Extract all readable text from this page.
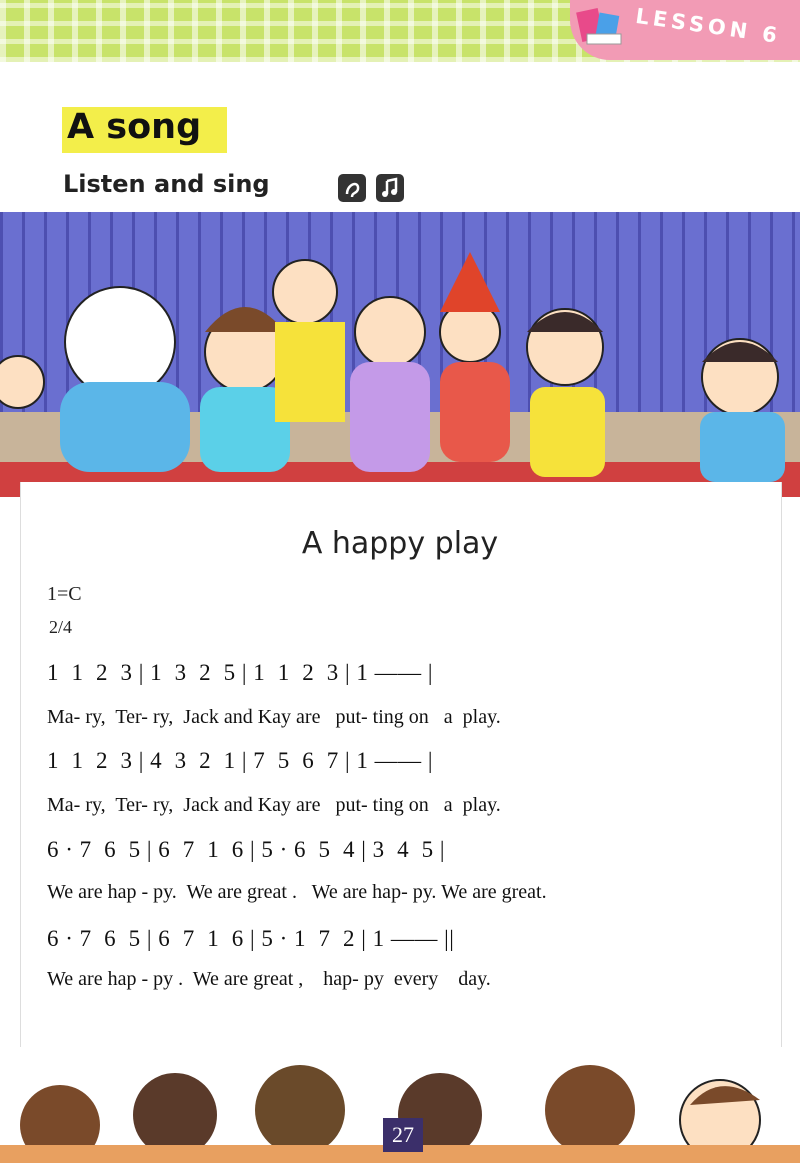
LESSON 6
A song
Listen and sing
A happy play
1=C
2/4
1  1  2  3 | 1  3  2  5 | 1  1  2  3 | 1 —— |
Ma- ry,  Ter- ry,  Jack and Kay are   put- ting on   a  play.
1  1  2  3 | 4  3  2  1 | 7  5  6  7 | 1 —— |
Ma- ry,  Ter- ry,  Jack and Kay are   put- ting on   a  play.
6 · 7  6  5 | 6  7  1  6 | 5 · 6  5  4 | 3  4  5 |
We are hap - py.  We are great .   We are hap- py. We are great.
6 · 7  6  5 | 6  7  1  6 | 5 · 1  7  2 | 1 —— ||
We are hap - py .  We are great ,    hap- py  every    day.
27
